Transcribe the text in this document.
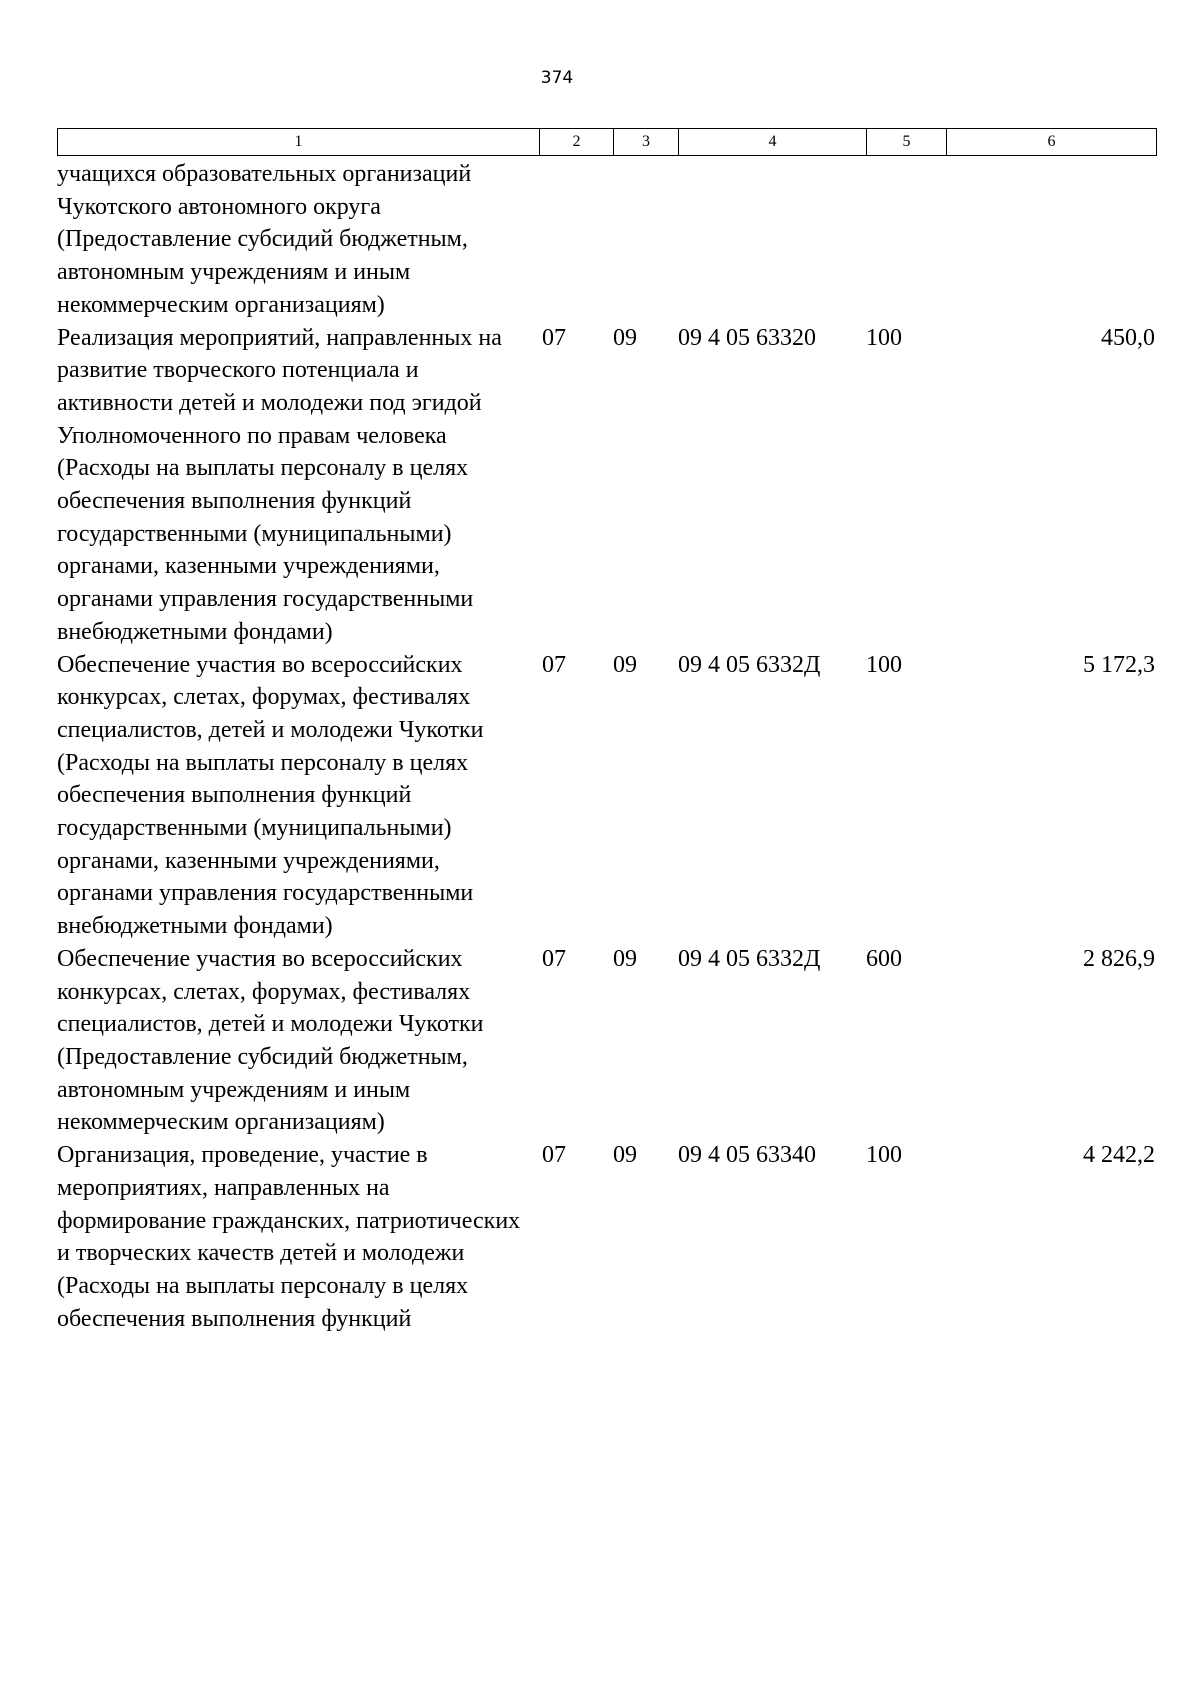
374
1	2	3	4	5	6
учащихся образовательных организаций Чукотского автономного округа (Предоставление субсидий бюджетным, автономным учреждениям и иным некоммерческим организациям)
Реализация мероприятий, направленных на развитие творческого потенциала и активности детей и молодежи под эгидой Уполномоченного по правам человека (Расходы на выплаты персоналу в целях обеспечения выполнения функций государственными (муниципальными) органами, казенными учреждениями, органами управления государственными внебюджетными фондами)
07	09	09 4 05 63320	100	450,0
Обеспечение участия во всероссийских конкурсах, слетах, форумах, фестивалях специалистов, детей и молодежи Чукотки (Расходы на выплаты персоналу в целях обеспечения выполнения функций государственными (муниципальными) органами, казенными учреждениями, органами управления государственными внебюджетными фондами)
07	09	09 4 05 6332Д	100	5 172,3
Обеспечение участия во всероссийских конкурсах, слетах, форумах, фестивалях специалистов, детей и молодежи Чукотки (Предоставление субсидий бюджетным, автономным учреждениям и иным некоммерческим организациям)
07	09	09 4 05 6332Д	600	2 826,9
Организация, проведение, участие в мероприятиях, направленных на формирование гражданских, патриотических и творческих качеств детей и молодежи (Расходы на выплаты персоналу в целях обеспечения выполнения функций
07	09	09 4 05 63340	100	4 242,2
